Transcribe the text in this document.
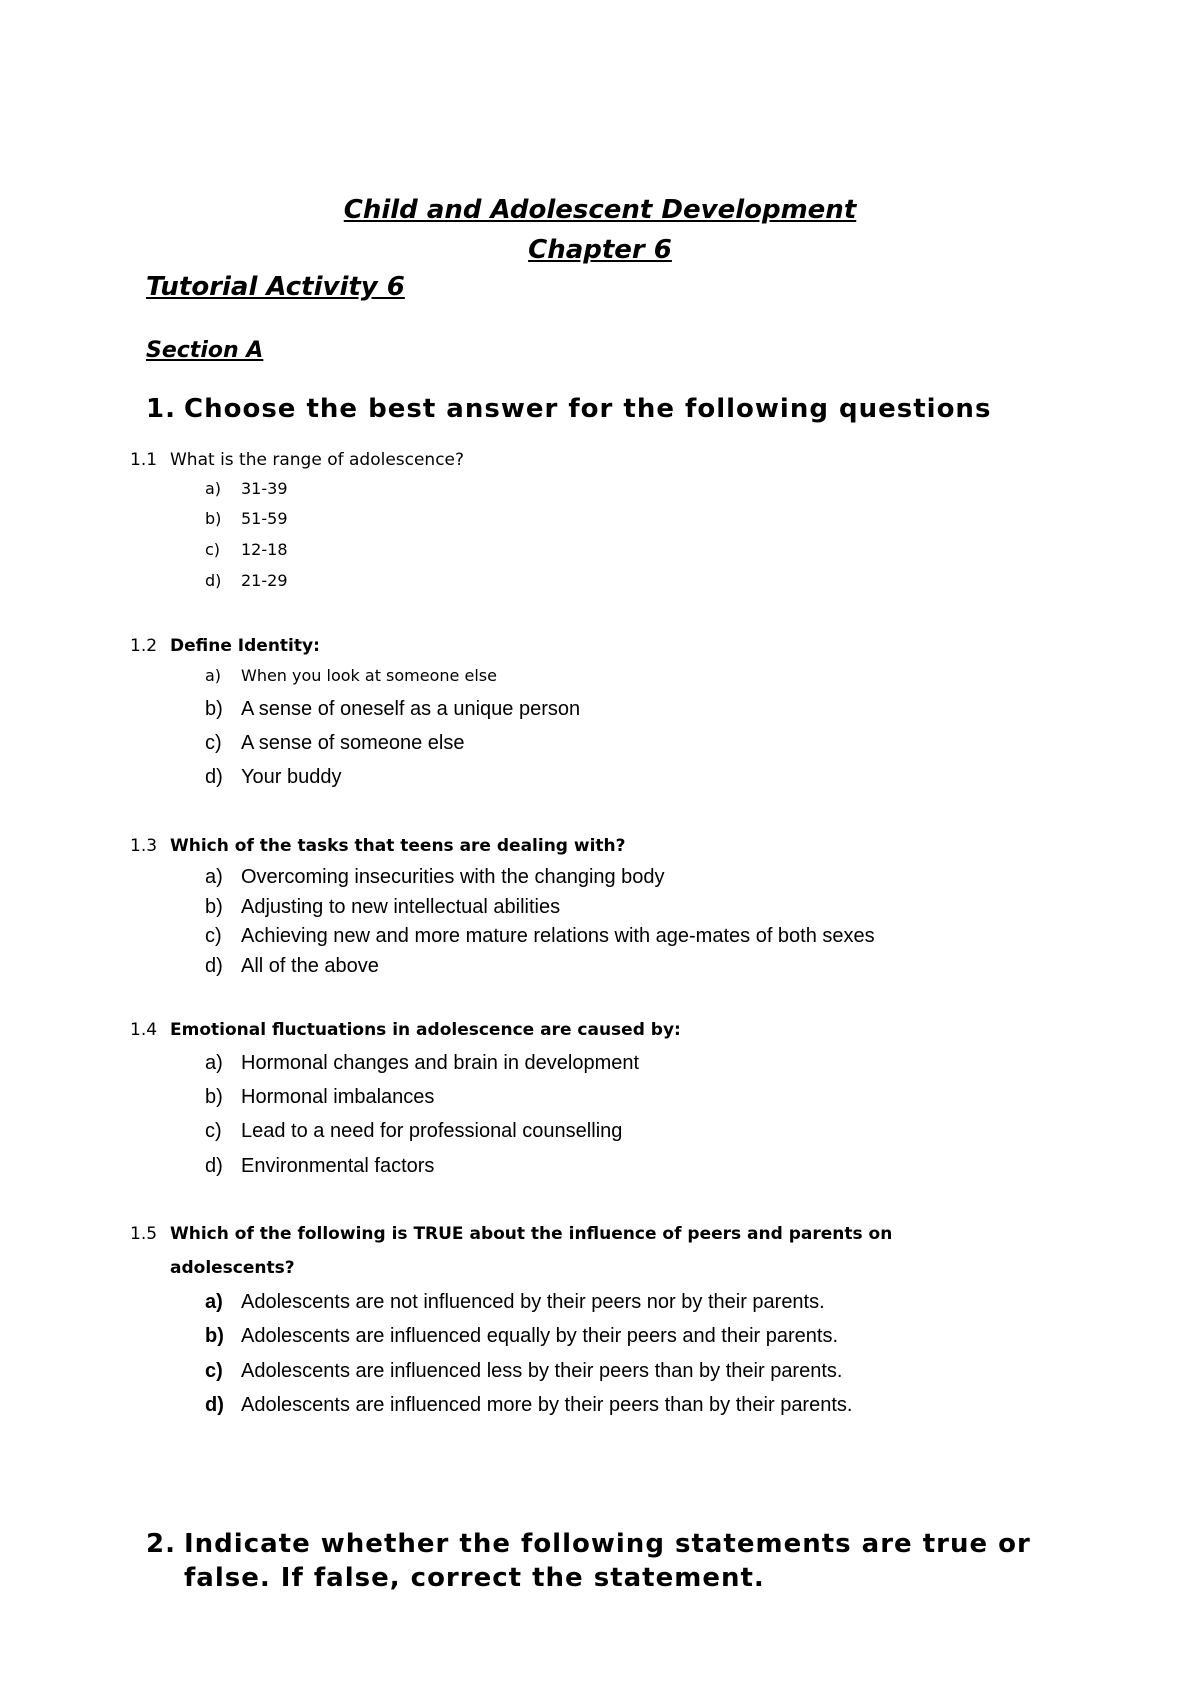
Child and Adolescent Development
Chapter 6
Tutorial Activity 6
Section A
1. Choose the best answer for the following questions
1.1 What is the range of adolescence?
a) 31-39
b) 51-59
c) 12-18
d) 21-29
1.2 Define Identity:
a) When you look at someone else
b) A sense of oneself as a unique person
c) A sense of someone else
d) Your buddy
1.3 Which of the tasks that teens are dealing with?
a) Overcoming insecurities with the changing body
b) Adjusting to new intellectual abilities
c) Achieving new and more mature relations with age-mates of both sexes
d) All of the above
1.4 Emotional fluctuations in adolescence are caused by:
a) Hormonal changes and brain in development
b) Hormonal imbalances
c) Lead to a need for professional counselling
d) Environmental factors
1.5 Which of the following is TRUE about the influence of peers and parents on
adolescents?
a) Adolescents are not influenced by their peers nor by their parents.
b) Adolescents are influenced equally by their peers and their parents.
c) Adolescents are influenced less by their peers than by their parents.
d) Adolescents are influenced more by their peers than by their parents.
2. Indicate whether the following statements are true or
false. If false, correct the statement.
